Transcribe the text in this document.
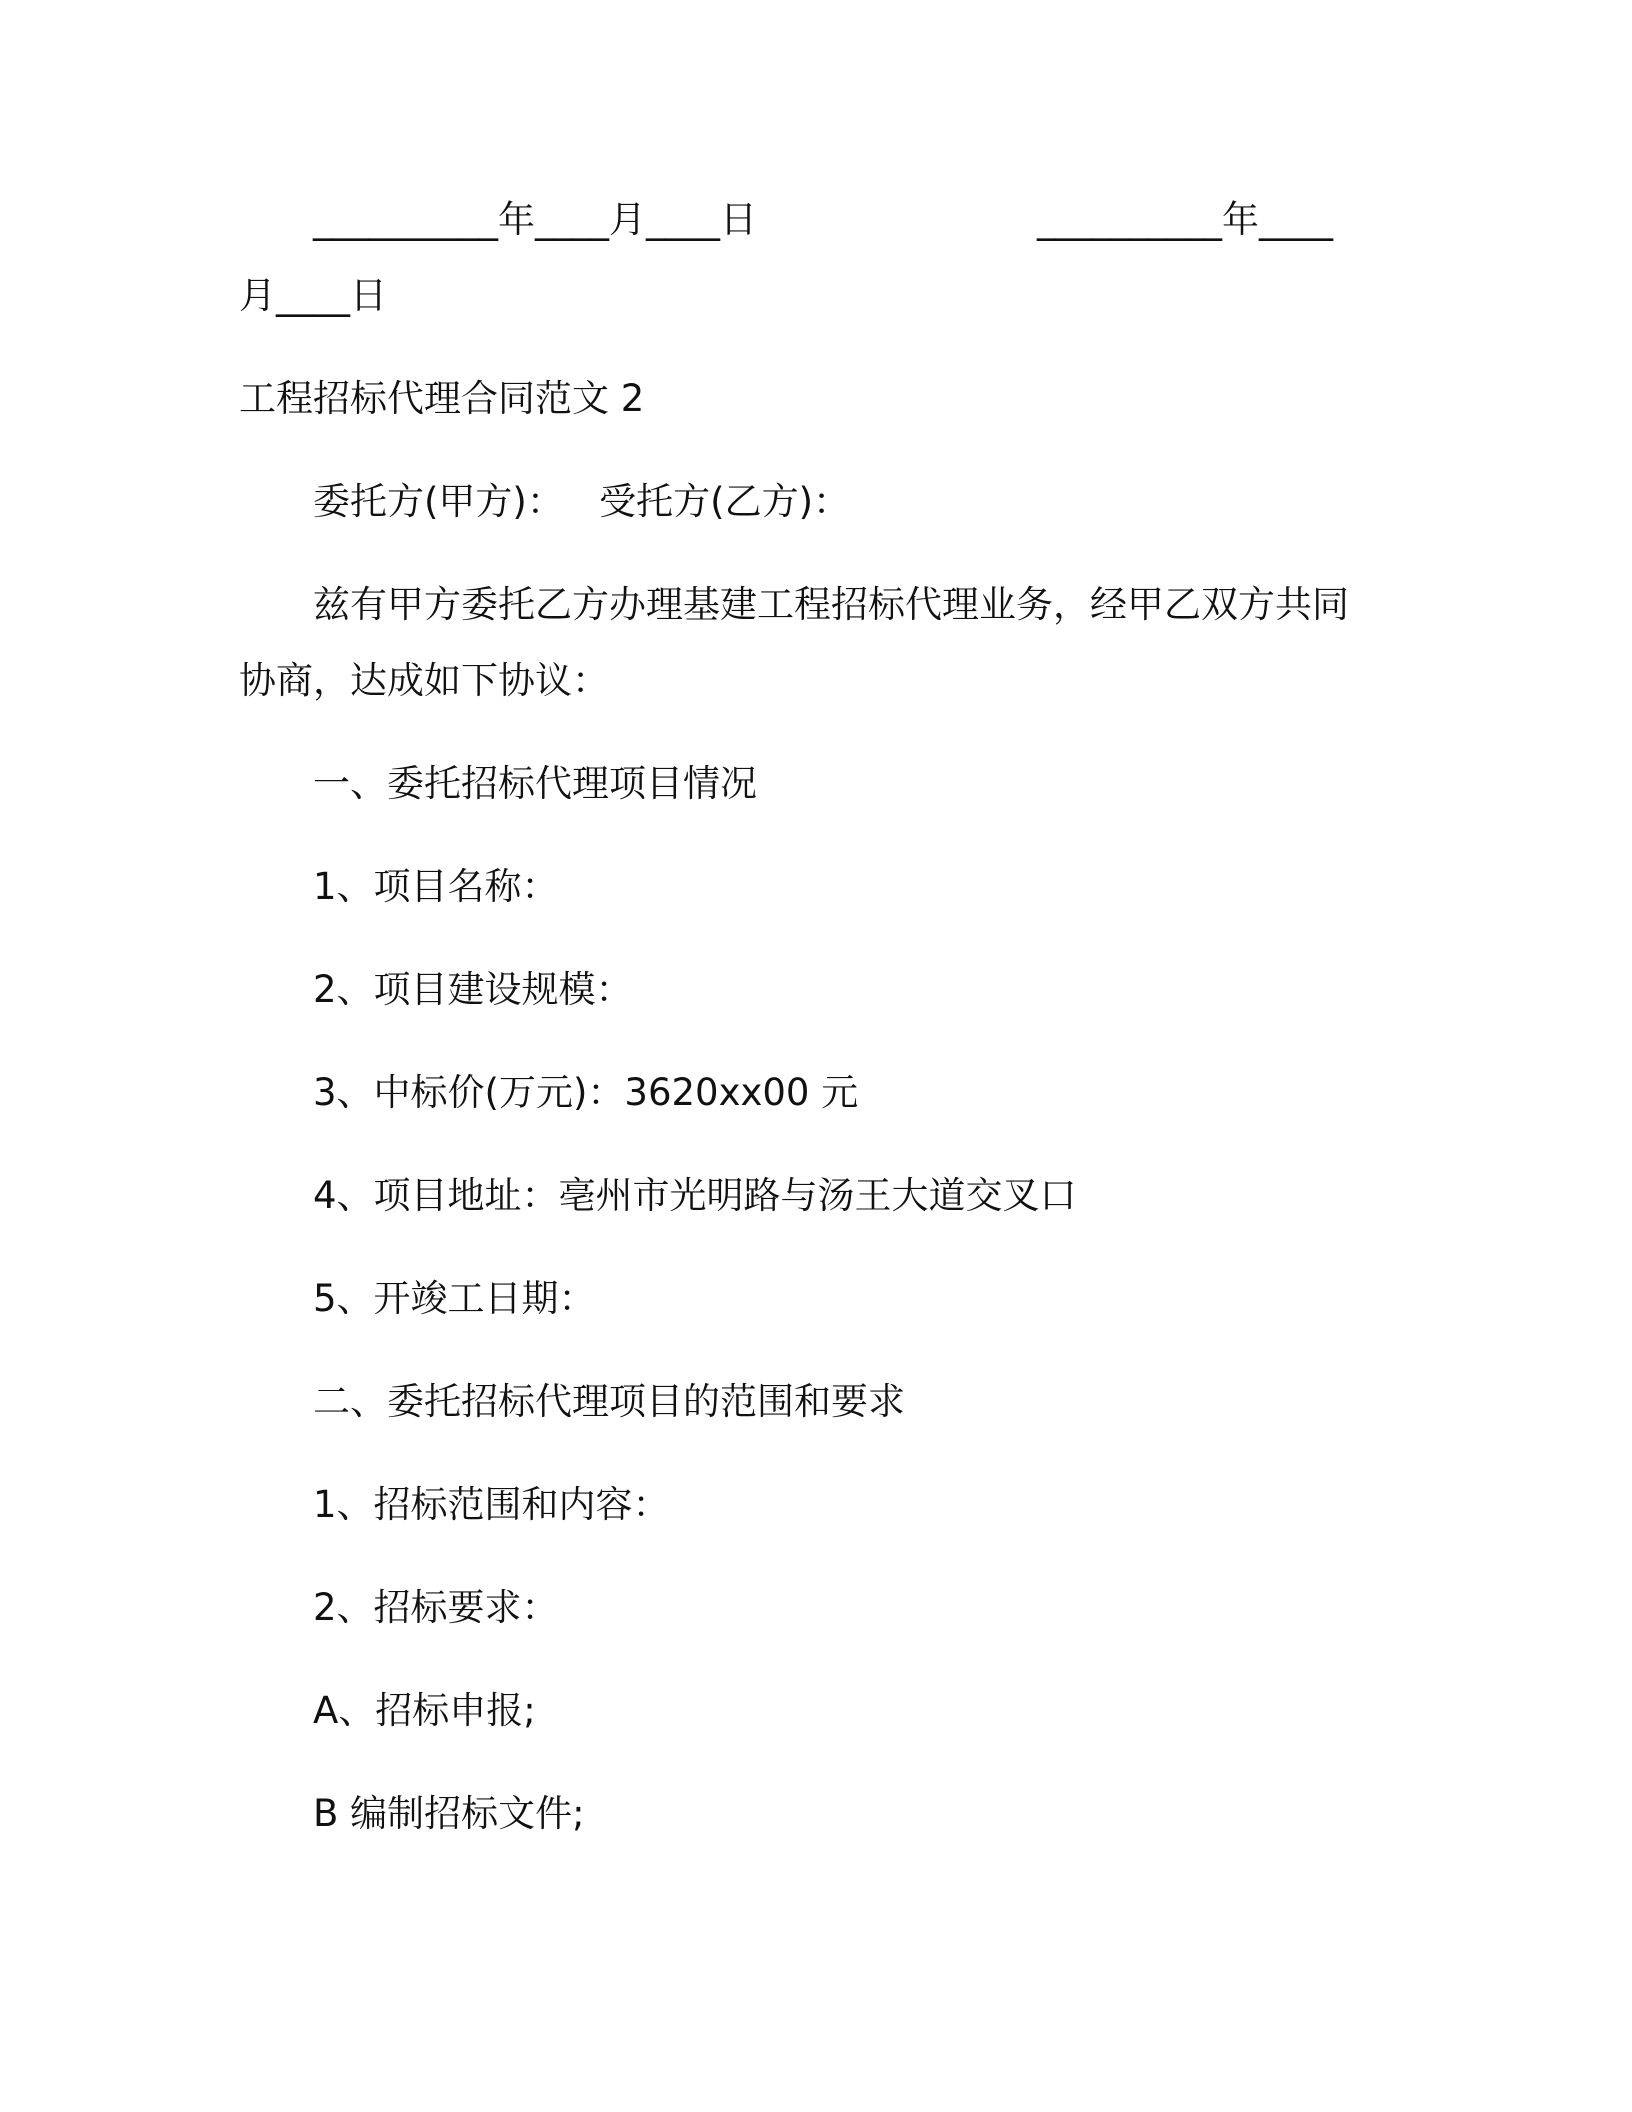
__________年____月____日	__________年____
月____日
工程招标代理合同范文 2
委托方(甲方)：   受托方(乙方)：
兹有甲方委托乙方办理基建工程招标代理业务，经甲乙双方共同
协商，达成如下协议：
一、委托招标代理项目情况
1、项目名称：
2、项目建设规模：
3、中标价(万元)：3620xx00 元
4、项目地址：亳州市光明路与汤王大道交叉口
5、开竣工日期：
二、委托招标代理项目的范围和要求
1、招标范围和内容：
2、招标要求：
A、招标申报;
B 编制招标文件;
